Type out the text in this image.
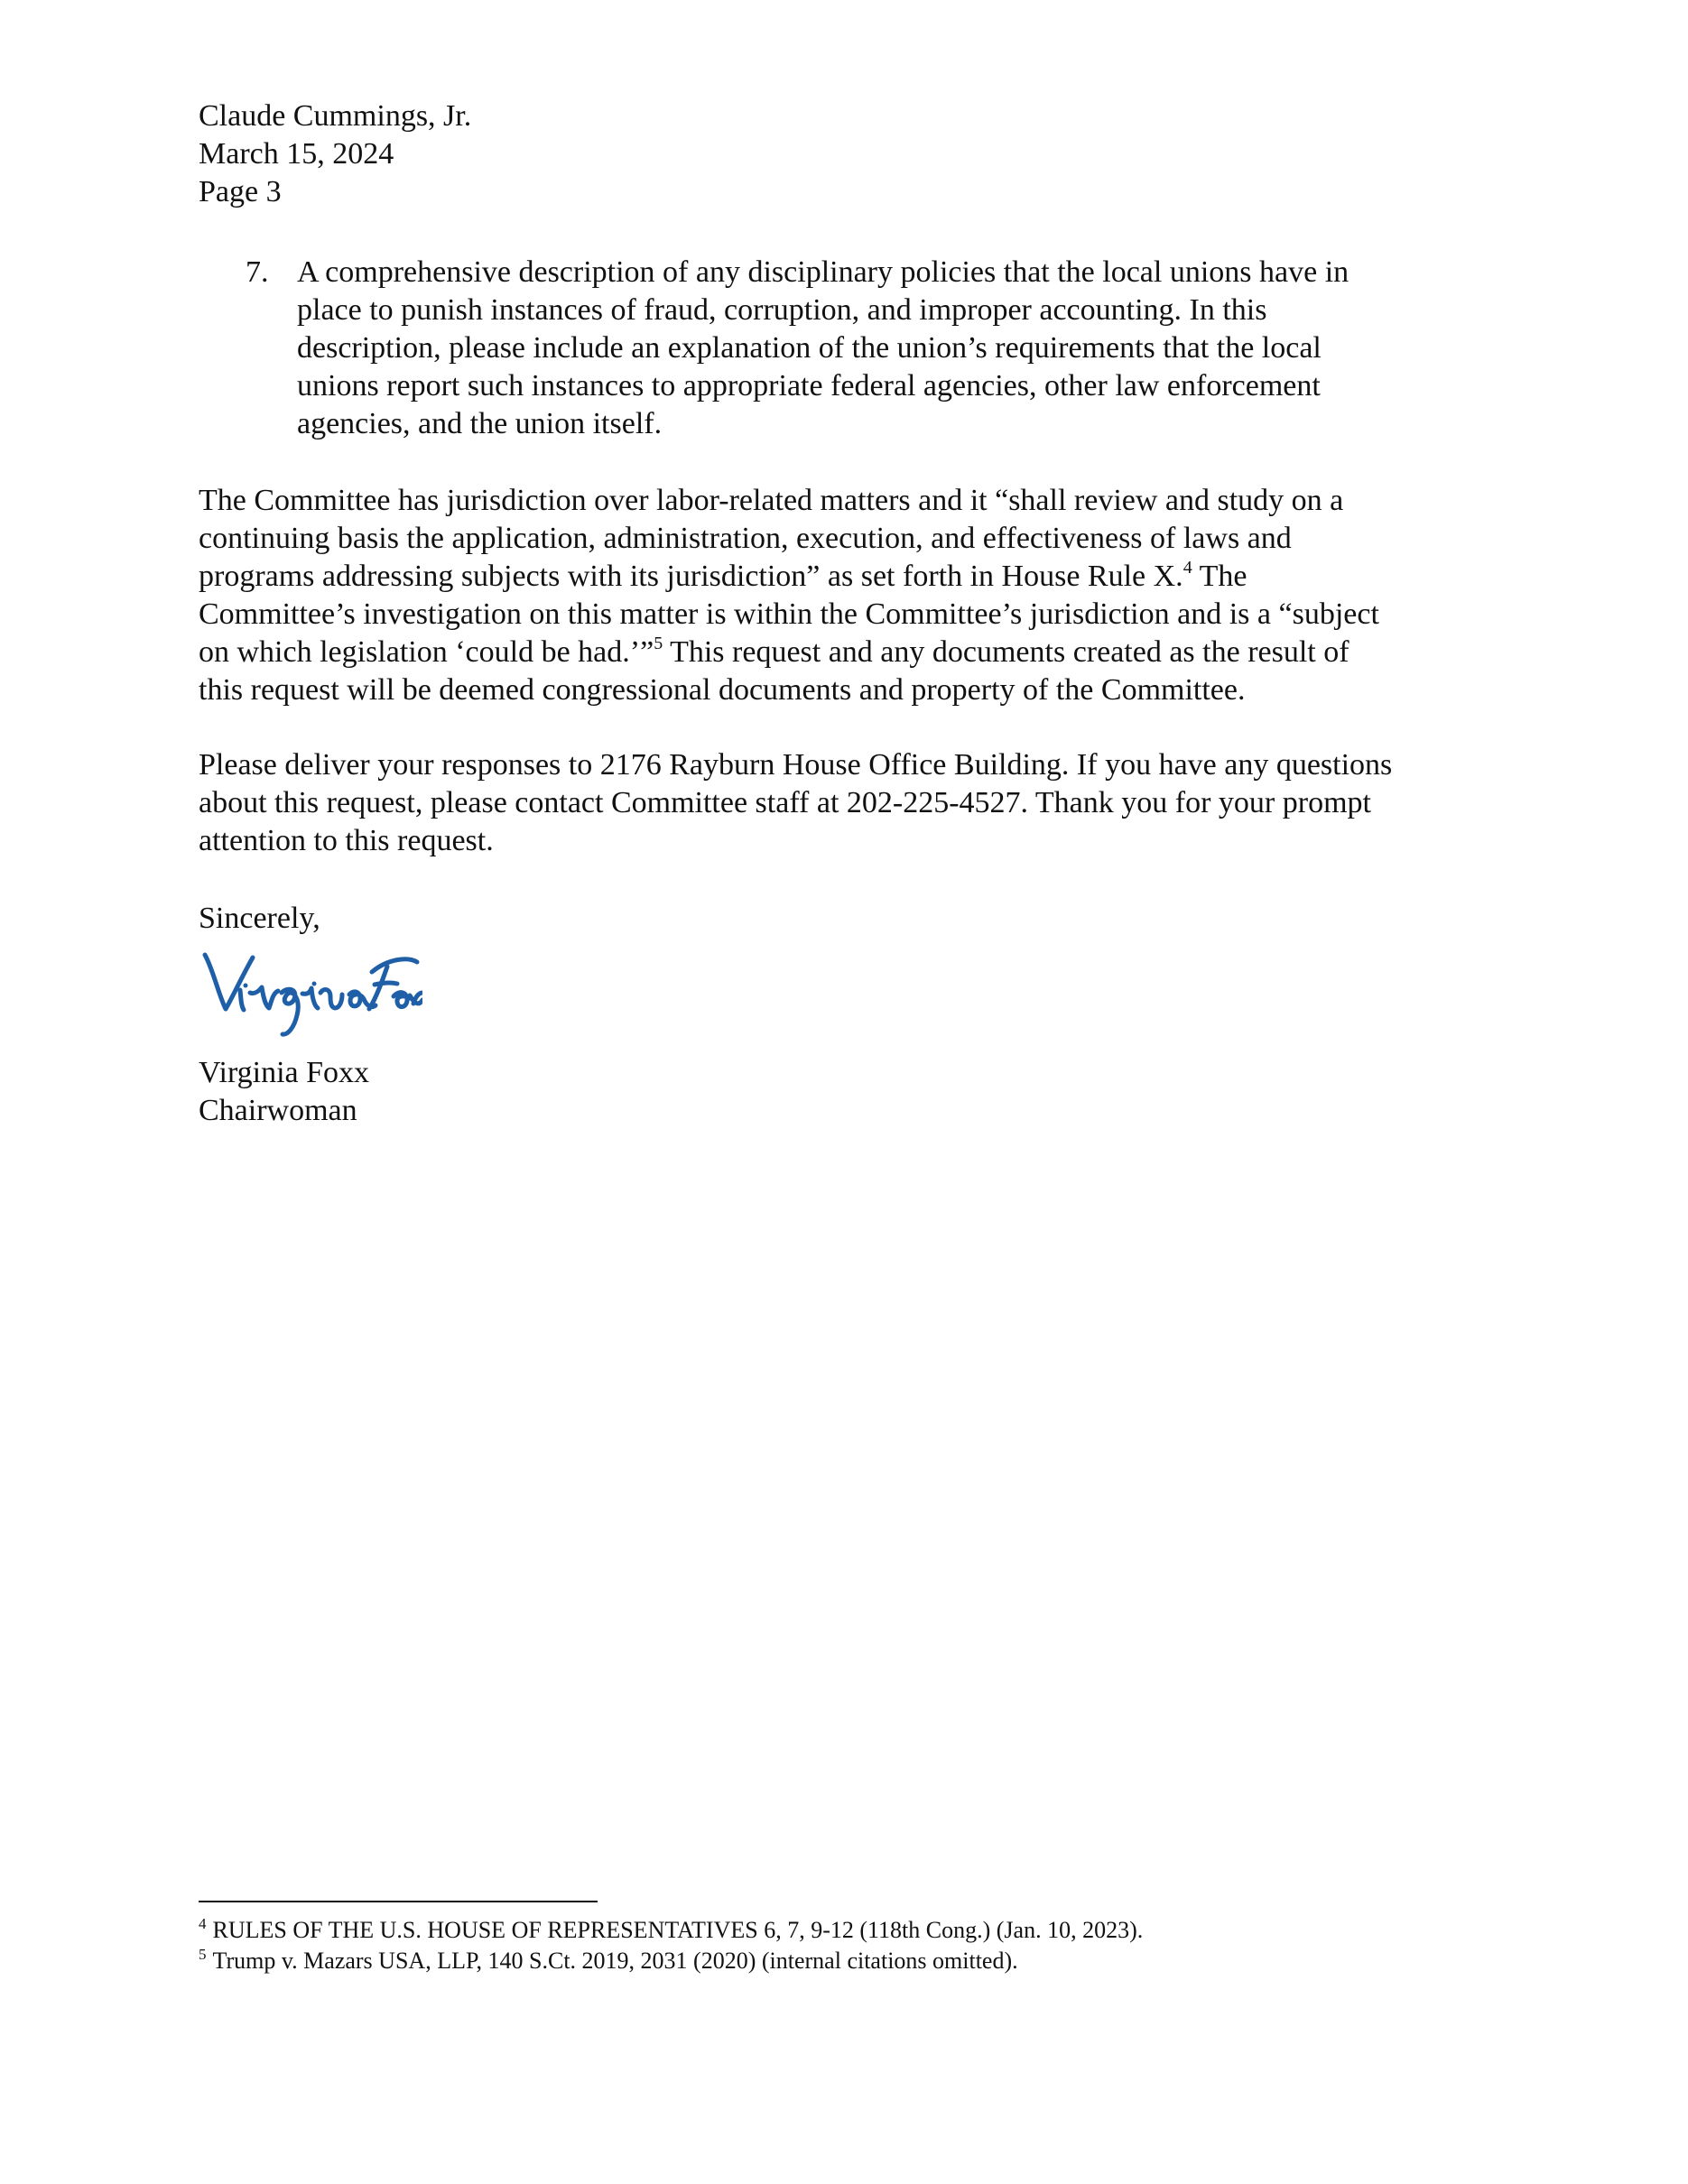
Claude Cummings, Jr.
March 15, 2024
Page 3
7. A comprehensive description of any disciplinary policies that the local unions have in
place to punish instances of fraud, corruption, and improper accounting. In this
description, please include an explanation of the union’s requirements that the local
unions report such instances to appropriate federal agencies, other law enforcement
agencies, and the union itself.
The Committee has jurisdiction over labor-related matters and it “shall review and study on a
continuing basis the application, administration, execution, and effectiveness of laws and
programs addressing subjects with its jurisdiction” as set forth in House Rule X.$^4$ The
Committee’s investigation on this matter is within the Committee’s jurisdiction and is a “subject
on which legislation ‘could be had.’”$^5$ This request and any documents created as the result of
this request will be deemed congressional documents and property of the Committee.
Please deliver your responses to 2176 Rayburn House Office Building. If you have any questions
about this request, please contact Committee staff at 202-225-4527. Thank you for your prompt
attention to this request.
Sincerely,
Virginia Foxx
Chairwoman
$^4$ RULES OF THE U.S. HOUSE OF REPRESENTATIVES 6, 7, 9-12 (118th Cong.) (Jan. 10, 2023).
$^5$ Trump v. Mazars USA, LLP, 140 S.Ct. 2019, 2031 (2020) (internal citations omitted).
